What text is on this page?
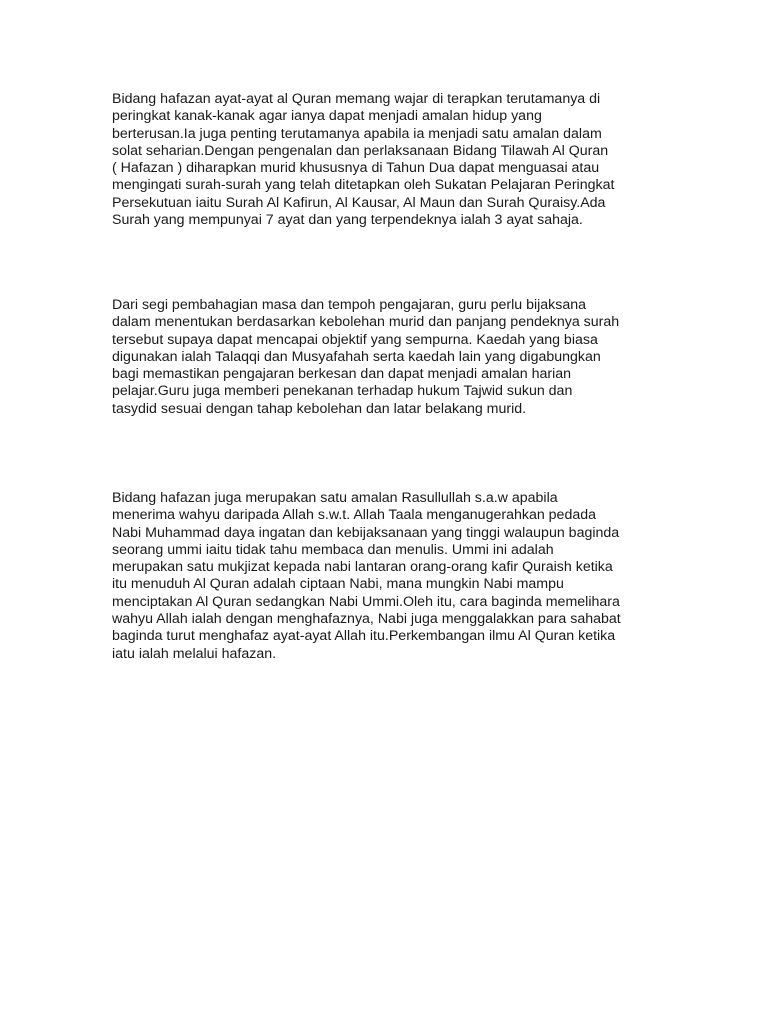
Bidang hafazan ayat-ayat al Quran memang wajar di terapkan terutamanya di
peringkat kanak-kanak agar ianya dapat menjadi amalan hidup yang
berterusan.Ia juga penting terutamanya apabila ia menjadi satu amalan dalam
solat seharian.Dengan pengenalan dan perlaksanaan Bidang Tilawah Al Quran
( Hafazan ) diharapkan murid khususnya di Tahun Dua dapat menguasai atau
mengingati surah-surah yang telah ditetapkan oleh Sukatan Pelajaran Peringkat
Persekutuan iaitu Surah Al Kafirun, Al Kausar, Al Maun dan Surah Quraisy.Ada
Surah yang mempunyai 7 ayat dan yang terpendeknya ialah 3 ayat sahaja.

Dari segi pembahagian masa dan tempoh pengajaran, guru perlu bijaksana
dalam menentukan berdasarkan kebolehan murid dan panjang pendeknya surah
tersebut supaya dapat mencapai objektif yang sempurna. Kaedah yang biasa
digunakan ialah Talaqqi dan Musyafahah serta kaedah lain yang digabungkan
bagi memastikan pengajaran berkesan dan dapat menjadi amalan harian
pelajar.Guru juga memberi penekanan terhadap hukum Tajwid sukun dan
tasydid sesuai dengan tahap kebolehan dan latar belakang murid.

Bidang hafazan juga merupakan satu amalan Rasullullah s.a.w apabila
menerima wahyu daripada Allah s.w.t. Allah Taala menganugerahkan pedada
Nabi Muhammad daya ingatan dan kebijaksanaan yang tinggi walaupun baginda
seorang ummi iaitu tidak tahu membaca dan menulis. Ummi ini adalah
merupakan satu mukjizat kepada nabi lantaran orang-orang kafir Quraish ketika
itu menuduh Al Quran adalah ciptaan Nabi, mana mungkin Nabi mampu
menciptakan Al Quran sedangkan Nabi Ummi.Oleh itu, cara baginda memelihara
wahyu Allah ialah dengan menghafaznya, Nabi juga menggalakkan para sahabat
baginda turut menghafaz ayat-ayat Allah itu.Perkembangan ilmu Al Quran ketika
iatu ialah melalui hafazan.
